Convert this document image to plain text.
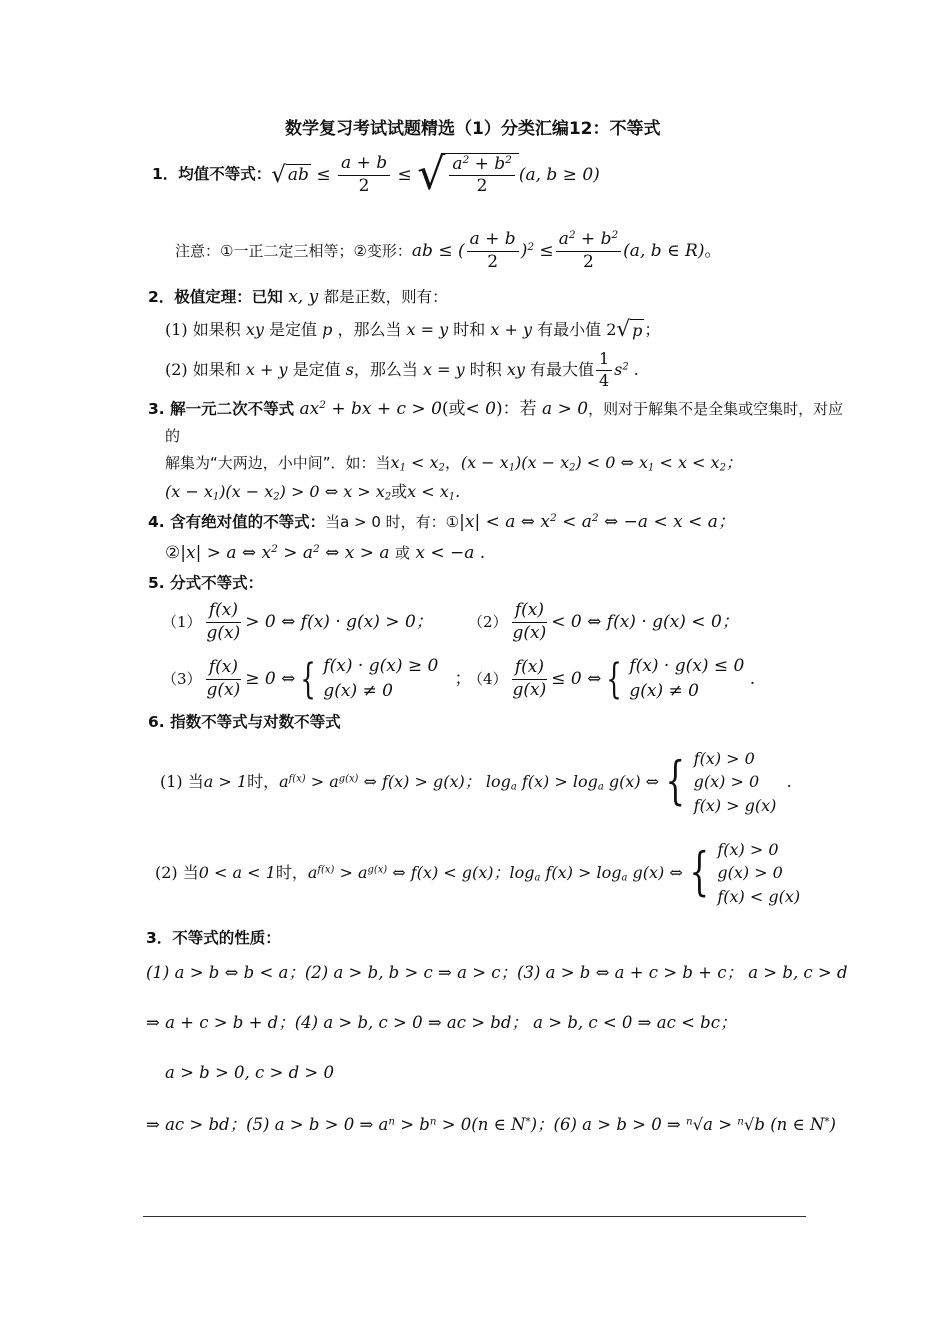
数学复习考试试题精选（1）分类汇编12：不等式
1．均值不等式： √ ab ≤ $\frac{a + b}{2}$ ≤ √ $\frac{a^2 + b^2}{2} (a$, b ≥ 0)
注意：①一正二定三相等；②变形： ab ≤ ( $\frac{a + b}{2} )^2 \le \frac{a^2 + b^2}{2} (a$, b ∈ R) 。
2．极值定理：已知 x, y 都是正数，则有：
(1) 如果积 xy 是定值 p ，那么当 x = y 时和 x + y 有最小值 2 √ p ；
(2) 如果和 x + y 是定值 s ，那么当 x = y 时积 xy 有最大值 $\frac{1}{4} s^2$ .
3. 解一元二次不等式 $ax^2$ + bx + c > 0(或< 0)：若 a > 0，则对于解集不是全集或空集时，对应
的
解集为“大两边，小中间”．如：当$x_1 < x_2$，$(x - x_1)(x - x_2) < 0$ ⇔ $x_1 < x < x_2$；
$(x - x_1)(x - x_2) > 0$ ⇔ $x > x_2$或$x < x_1$.
4. 含有绝对值的不等式：当a > 0 时，有：①|x| < a ⇔ $x^2 < a^2$ ⇔ −a < x < a；
②|x| > a ⇔ $x^2 > a^2$ ⇔ x > a 或 x < −a .
5. 分式不等式：
$(1) \frac{f(x)}{g(x)} > 0$ ⇔ f(x) · g(x) > 0； $(2) \frac{f(x)}{g(x)} < 0$ ⇔ f(x) · g(x) < 0；
$(3) \frac{f(x)}{g(x)} \ge 0$ ⇔ { f(x) · g(x) ≥ 0
g(x) ≠ 0
；
$(4) \frac{f(x)}{g(x)} \le 0$ ⇔ { f(x) · g(x) ≤ 0
g(x) ≠ 0
.
6. 指数不等式与对数不等式
(1) 当 a > 1 时， $a^{f(x)} > a^{g(x)}$ ⇔ f(x) > g(x)； $\log_a f(x) > \log_a g(x)$ ⇔ { f(x) > 0
g(x) > 0
f(x) > g(x)
.
(2) 当 0 < a < 1 时， $a^{f(x)} > a^{g(x)}$ ⇔ f(x) < g(x)；$\log_a f(x) > \log_a g(x)$ ⇔ { f(x) > 0
g(x) > 0
f(x) < g(x)
3．不等式的性质：
(1) a > b ⇔ b < a；(2) a > b, b > c ⇒ a > c；(3) a > b ⇔ a + c > b + c； a > b, c > d
⇒ a + c > b + d；(4) a > b, c > 0 ⇒ ac > bd； a > b, c < 0 ⇒ ac < bc；
a > b > 0, c > d > 0
⇒ ac > bd；(5) a > b > 0 ⇒ $a^n > b^n > 0(n$ ∈ N*)；(6) a > b > 0 ⇒ $^n$√a > $^n$√b (n ∈ N*)
